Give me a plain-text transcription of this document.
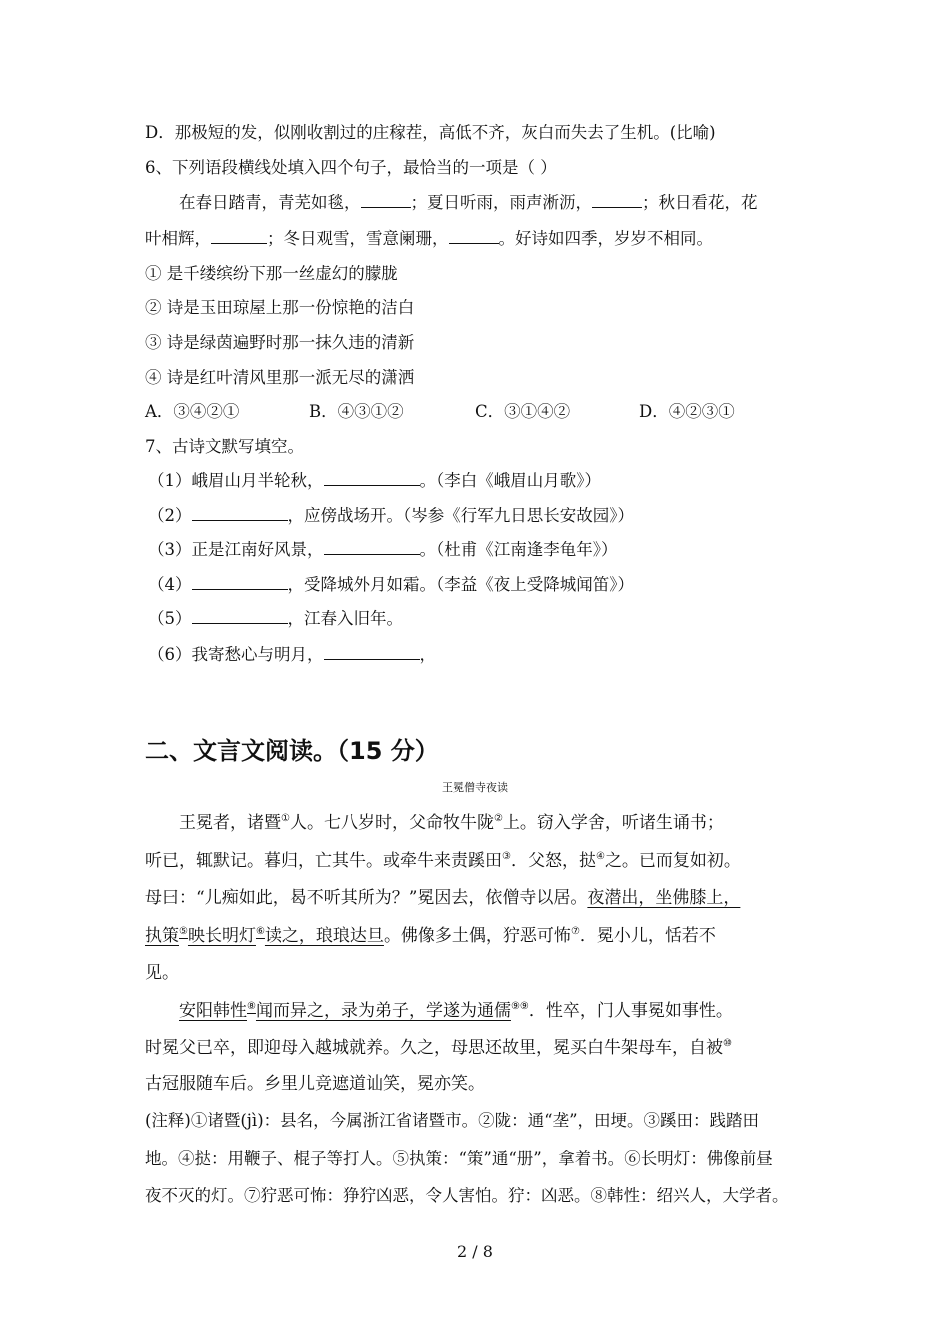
D．那极短的发，似刚收割过的庄稼茬，高低不齐，灰白而失去了生机。(比喻)
6、下列语段横线处填入四个句子，最恰当的一项是（ ）
在春日踏青，青芜如毯，	；夏日听雨，雨声淅沥，	；秋日看花，花
叶相辉，	；冬日观雪，雪意阑珊，	。好诗如四季，岁岁不相同。
① 是千缕缤纷下那一丝虚幻的朦胧
② 诗是玉田琼屋上那一份惊艳的洁白
③ 诗是绿茵遍野时那一抹久违的清新
④ 诗是红叶清风里那一派无尽的潇洒
A．③④②①	B．④③①②	C．③①④②	D．④②③①
7、古诗文默写填空。
（1）峨眉山月半轮秋，	。（李白《峨眉山月歌》）
（2）	，应傍战场开。（岑参《行军九日思长安故园》）
（3）正是江南好风景，	。（杜甫《江南逢李龟年》）
（4）	，受降城外月如霜。（李益《夜上受降城闻笛》）
（5）	，江春入旧年。
（6）我寄愁心与明月，	，
二、文言文阅读。（15 分）
王冕僧寺夜读
王冕者，诸暨①人。七八岁时，父命牧牛陇②上。窃入学舍，听诸生诵书；
听已，辄默记。暮归，亡其牛。或牵牛来责蹊田③．父怒，挞④之。已而复如初。
母曰：“儿痴如此，曷不听其所为？”冕因去，依僧寺以居。夜潜出，坐佛膝上，
执策⑤映长明灯⑥读之，琅琅达旦。佛像多土偶，狞恶可怖⑦．冕小儿，恬若不
见。
安阳韩性⑧闻而异之，录为弟子，学遂为通儒⑨⑨．性卒，门人事冕如事性。
时冕父已卒，即迎母入越城就养。久之，母思还故里，冕买白牛架母车，自被⑩
古冠服随车后。乡里儿竞遮道讪笑，冕亦笑。
(注释)①诸暨(jì)：县名，今属浙江省诸暨市。②陇：通“垄”，田埂。③蹊田：践踏田
地。④挞：用鞭子、棍子等打人。⑤执策：“策”通“册”，拿着书。⑥长明灯：佛像前昼
夜不灭的灯。⑦狞恶可怖：狰狞凶恶，令人害怕。狞：凶恶。⑧韩性：绍兴人，大学者。
2 / 8
